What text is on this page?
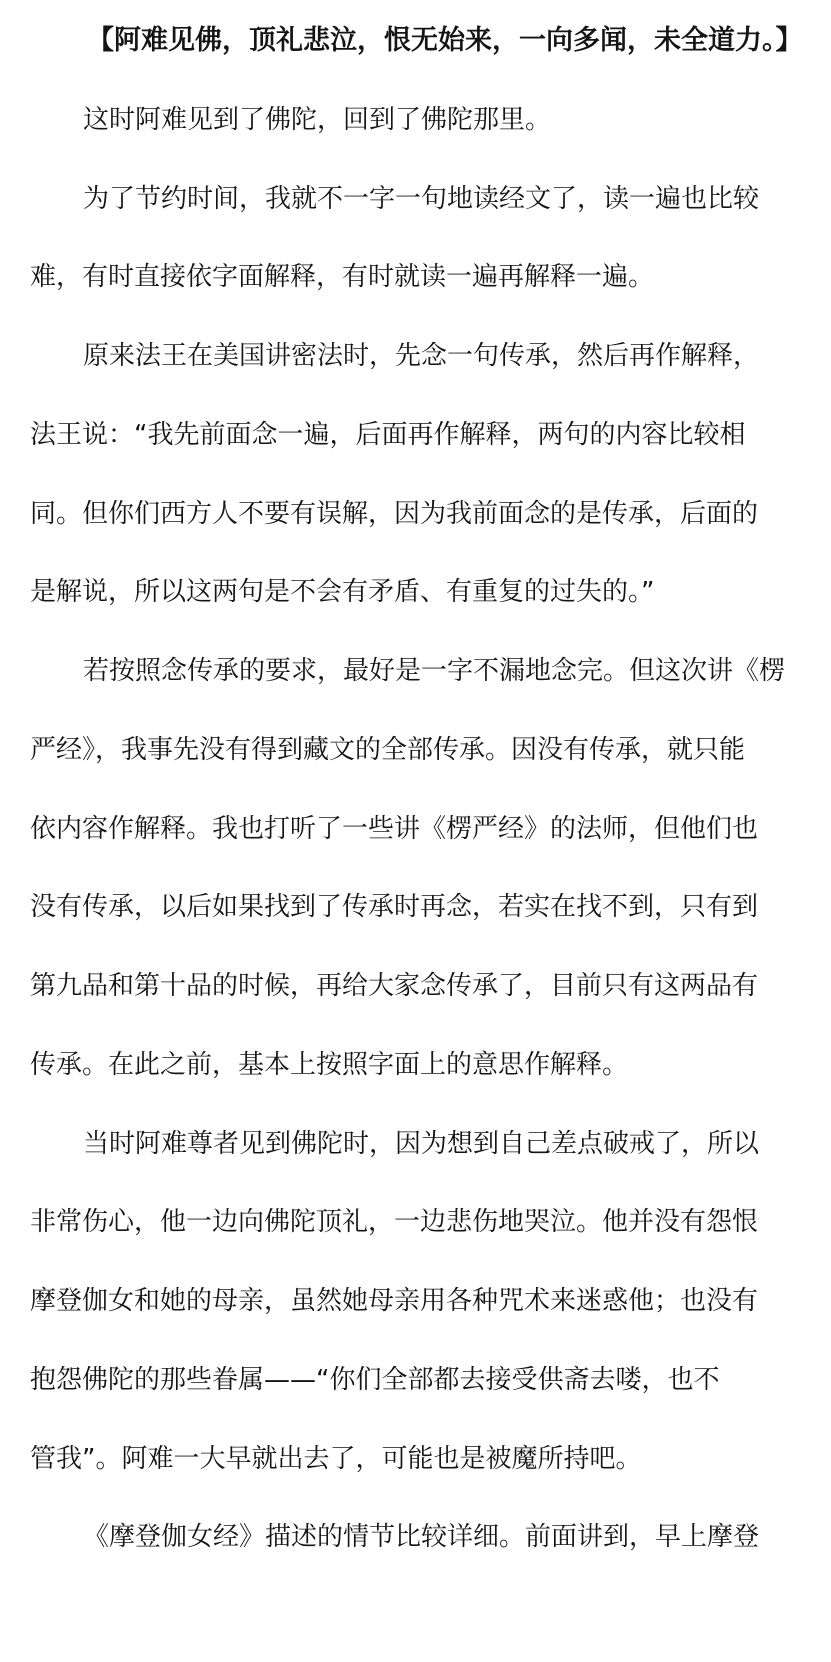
【阿难见佛，顶礼悲泣，恨无始来，一向多闻，未全道力。】
这时阿难见到了佛陀，回到了佛陀那里。
为了节约时间，我就不一字一句地读经文了，读一遍也比较
难，有时直接依字面解释，有时就读一遍再解释一遍。
原来法王在美国讲密法时，先念一句传承，然后再作解释，
法王说：“我先前面念一遍，后面再作解释，两句的内容比较相
同。但你们西方人不要有误解，因为我前面念的是传承，后面的
是解说，所以这两句是不会有矛盾、有重复的过失的。”
若按照念传承的要求，最好是一字不漏地念完。但这次讲《楞
严经》，我事先没有得到藏文的全部传承。因没有传承，就只能
依内容作解释。我也打听了一些讲《楞严经》的法师，但他们也
没有传承，以后如果找到了传承时再念，若实在找不到，只有到
第九品和第十品的时候，再给大家念传承了，目前只有这两品有
传承。在此之前，基本上按照字面上的意思作解释。
当时阿难尊者见到佛陀时，因为想到自己差点破戒了，所以
非常伤心，他一边向佛陀顶礼，一边悲伤地哭泣。他并没有怨恨
摩登伽女和她的母亲，虽然她母亲用各种咒术来迷惑他；也没有
抱怨佛陀的那些眷属——“你们全部都去接受供斋去喽，也不
管我”。阿难一大早就出去了，可能也是被魔所持吧。
《摩登伽女经》描述的情节比较详细。前面讲到，早上摩登
